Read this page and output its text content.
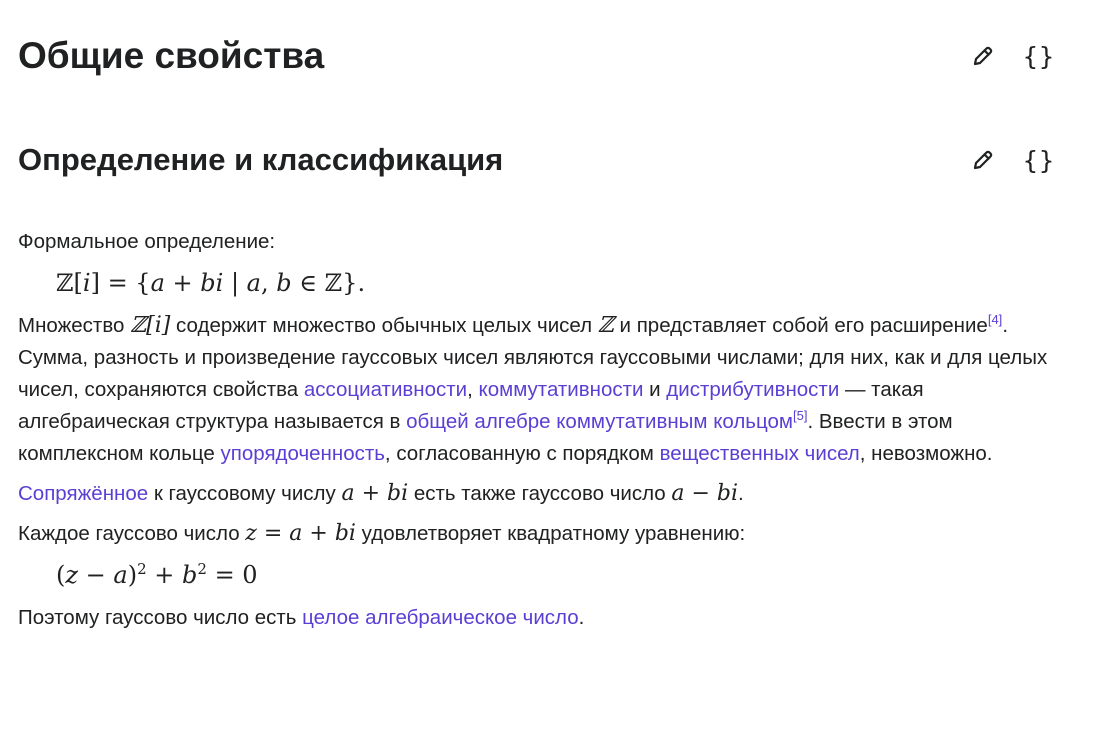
Общие свойства	{}
Определение и классификация	{}

Формальное определение:

ℤ[i] = {a + bi | a, b ∈ ℤ}.

Множество ℤ[i] содержит множество обычных целых чисел ℤ и представляет собой его расширение[4]. Сумма, разность и произведение гауссовых чисел являются гауссовыми числами; для них, как и для целых чисел, сохраняются свойства ассоциативности, коммутативности и дистрибутивности — такая алгебраическая структура называется в общей алгебре коммутативным кольцом[5]. Ввести в этом комплексном кольце упорядоченность, согласованную с порядком вещественных чисел, невозможно.

Сопряжённое к гауссовому числу a + bi есть также гауссово число a − bi.

Каждое гауссово число z = a + bi удовлетворяет квадратному уравнению:

$(z - a)^2 + b^2 = 0$

Поэтому гауссово число есть целое алгебраическое число.
